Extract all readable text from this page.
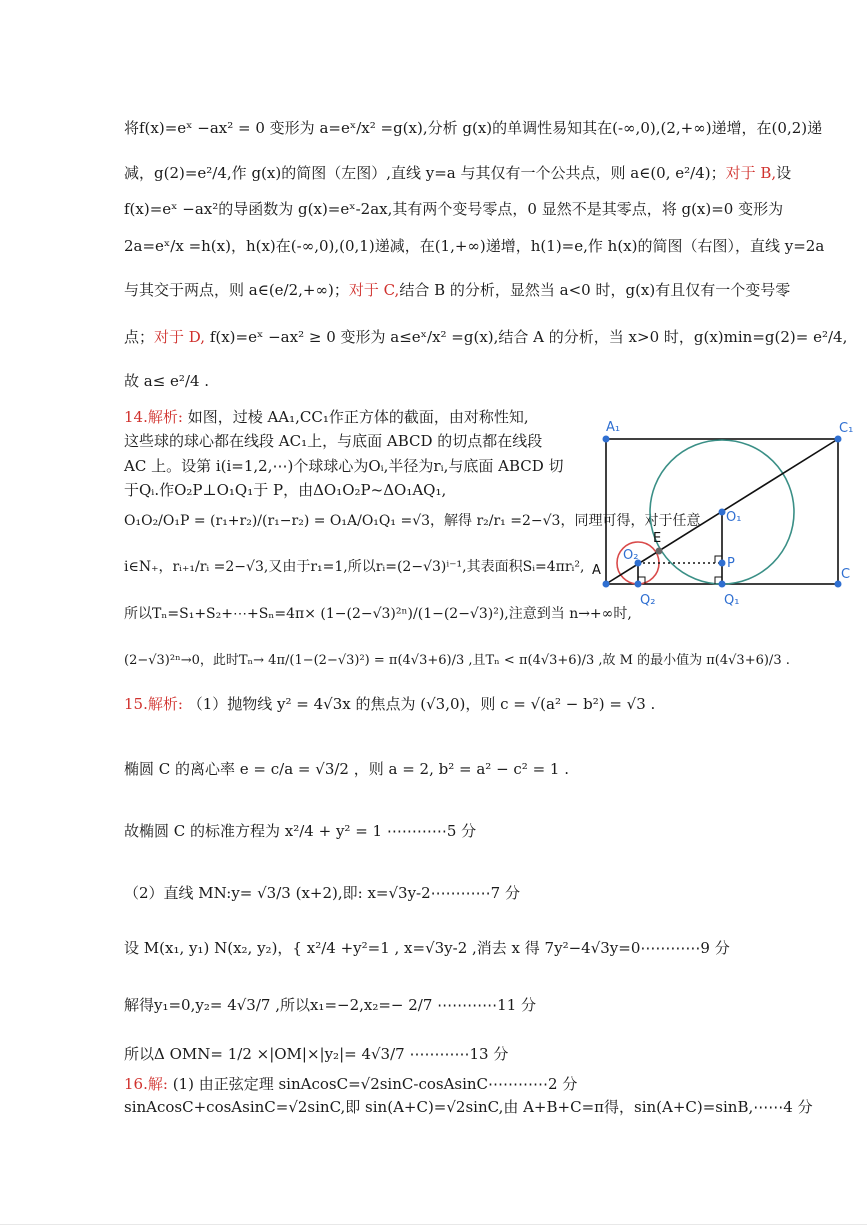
将f(x)=eˣ −ax² = 0 变形为 a=eˣ/x² =g(x),分析 g(x)的单调性易知其在(-∞,0),(2,+∞)递增，在(0,2)递
减，g(2)=e²/4,作 g(x)的简图（左图）,直线 y=a 与其仅有一个公共点，则 a∈(0, e²/4)；对于 B,设
f(x)=eˣ −ax²的导函数为 g(x)=eˣ-2ax,其有两个变号零点，0 显然不是其零点，将 g(x)=0 变形为
2a=eˣ/x =h(x)，h(x)在(-∞,0),(0,1)递减，在(1,+∞)递增，h(1)=e,作 h(x)的简图（右图），直线 y=2a
与其交于两点，则 a∈(e/2,+∞)；对于 C,结合 B 的分析，显然当 a<0 时，g(x)有且仅有一个变号零
点；对于 D, f(x)=eˣ −ax² ≥ 0 变形为 a≤eˣ/x² =g(x),结合 A 的分析，当 x>0 时，g(x)min=g(2)= e²/4,
故 a≤ e²/4 .
14.解析: 如图，过棱 AA₁,CC₁作正方体的截面，由对称性知,
这些球的球心都在线段 AC₁上，与底面 ABCD 的切点都在线段
AC 上。设第 i(i=1,2,⋯)个球球心为Oᵢ,半径为rᵢ,与底面 ABCD 切
于Qᵢ.作O₂P⊥O₁Q₁于 P，由ΔO₁O₂P~ΔO₁AQ₁,
O₁O₂/O₁P = (r₁+r₂)/(r₁−r₂) = O₁A/O₁Q₁ =√3，解得 r₂/r₁ =2−√3，同理可得，对于任意
i∈N₊，rᵢ₊₁/rᵢ =2−√3,又由于r₁=1,所以rᵢ=(2−√3)ⁱ⁻¹,其表面积Sᵢ=4πrᵢ²,
所以Tₙ=S₁+S₂+⋯+Sₙ=4π× (1−(2−√3)²ⁿ)/(1−(2−√3)²),注意到当 n→+∞时,
(2−√3)²ⁿ→0，此时Tₙ→ 4π/(1−(2−√3)²) = π(4√3+6)/3 ,且Tₙ < π(4√3+6)/3 ,故 M 的最小值为 π(4√3+6)/3 .
15.解析: （1）抛物线 y² = 4√3x 的焦点为 (√3,0)，则 c = √(a² − b²) = √3 .
椭圆 C 的离心率 e = c/a = √3/2 ，则 a = 2, b² = a² − c² = 1 .
故椭圆 C 的标准方程为 x²/4 + y² = 1 ⋯⋯⋯⋯5 分
（2）直线 MN:y= √3/3 (x+2),即: x=√3y-2⋯⋯⋯⋯7 分
设 M(x₁, y₁) N(x₂, y₂)，{ x²/4 +y²=1 , x=√3y-2 ,消去 x 得 7y²−4√3y=0⋯⋯⋯⋯9 分
解得y₁=0,y₂= 4√3/7 ,所以x₁=−2,x₂=− 2/7 ⋯⋯⋯⋯11 分
所以Δ OMN= 1/2 ×|OM|×|y₂|= 4√3/7 ⋯⋯⋯⋯13 分
16.解: (1) 由正弦定理 sinAcosC=√2sinC-cosAsinC⋯⋯⋯⋯2 分
sinAcosC+cosAsinC=√2sinC,即 sin(A+C)=√2sinC,由 A+B+C=π得，sin(A+C)=sinB,⋯⋯4 分
A₁	C₁
A	C
E
O₁
O₂
P
Q₁
Q₂
